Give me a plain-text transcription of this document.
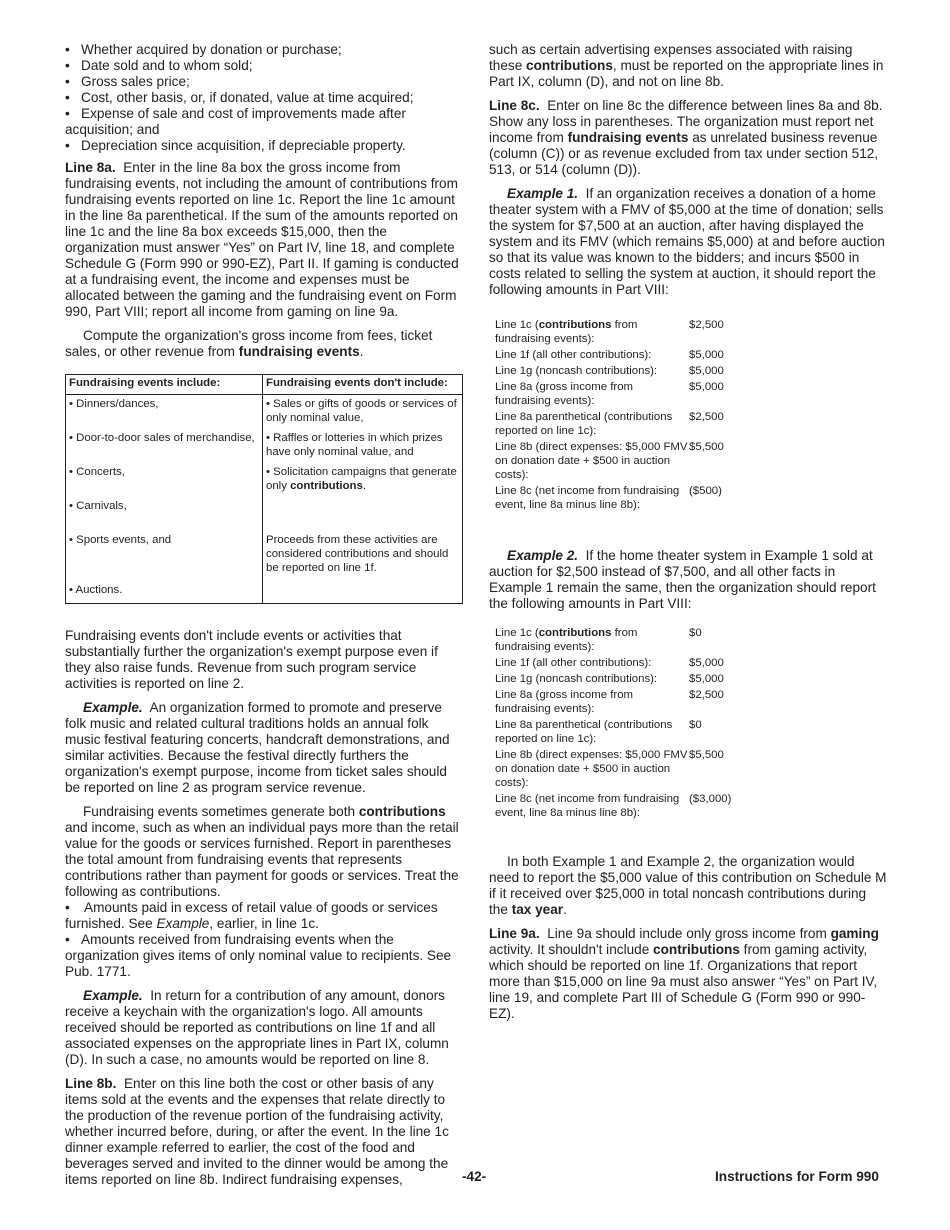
• Whether acquired by donation or purchase;

• Date sold and to whom sold;

• Gross sales price;

• Cost, other basis, or, if donated, value at time acquired;

• Expense of sale and cost of improvements made after acquisition; and

• Depreciation since acquisition, if depreciable property.

Line 8a. Enter in the line 8a box the gross income from fundraising events, not including the amount of contributions from fundraising events reported on line 1c. Report the line 1c amount in the line 8a parenthetical. If the sum of the amounts reported on line 1c and the line 8a box exceeds $15,000, then the organization must answer “Yes” on Part IV, line 18, and complete Schedule G (Form 990 or 990-EZ), Part II. If gaming is conducted at a fundraising event, the income and expenses must be allocated between the gaming and the fundraising event on Form 990, Part VIII; report all income from gaming on line 9a.

Compute the organization's gross income from fees, ticket sales, or other revenue from fundraising events.

Fundraising events include:	Fundraising events don't include:
• Dinners/dances,	• Sales or gifts of goods or services of only nominal value,
• Door-to-door sales of merchandise,	• Raffles or lotteries in which prizes have only nominal value, and
• Concerts,	• Solicitation campaigns that generate only contributions.
• Carnivals,	
• Sports events, and	Proceeds from these activities are considered contributions and should be reported on line 1f.
• Auctions.	

Fundraising events don't include events or activities that substantially further the organization's exempt purpose even if they also raise funds. Revenue from such program service activities is reported on line 2.

Example. An organization formed to promote and preserve folk music and related cultural traditions holds an annual folk music festival featuring concerts, handcraft demonstrations, and similar activities. Because the festival directly furthers the organization's exempt purpose, income from ticket sales should be reported on line 2 as program service revenue.

Fundraising events sometimes generate both contributions and income, such as when an individual pays more than the retail value for the goods or services furnished. Report in parentheses the total amount from fundraising events that represents contributions rather than payment for goods or services. Treat the following as contributions.

• Amounts paid in excess of retail value of goods or services furnished. See Example, earlier, in line 1c.

• Amounts received from fundraising events when the organization gives items of only nominal value to recipients. See Pub. 1771.

Example. In return for a contribution of any amount, donors receive a keychain with the organization's logo. All amounts received should be reported as contributions on line 1f and all associated expenses on the appropriate lines in Part IX, column (D). In such a case, no amounts would be reported on line 8.

Line 8b. Enter on this line both the cost or other basis of any items sold at the events and the expenses that relate directly to the production of the revenue portion of the fundraising activity, whether incurred before, during, or after the event. In the line 1c dinner example referred to earlier, the cost of the food and beverages served and invited to the dinner would be among the items reported on line 8b. Indirect fundraising expenses,

such as certain advertising expenses associated with raising these contributions, must be reported on the appropriate lines in Part IX, column (D), and not on line 8b.

Line 8c. Enter on line 8c the difference between lines 8a and 8b. Show any loss in parentheses. The organization must report net income from fundraising events as unrelated business revenue (column (C)) or as revenue excluded from tax under section 512, 513, or 514 (column (D)).

Example 1. If an organization receives a donation of a home theater system with a FMV of $5,000 at the time of donation; sells the system for $7,500 at an auction, after having displayed the system and its FMV (which remains $5,000) at and before auction so that its value was known to the bidders; and incurs $500 in costs related to selling the system at auction, it should report the following amounts in Part VIII:

Line 1c (contributions from fundraising events):	$2,500
Line 1f (all other contributions):	$5,000
Line 1g (noncash contributions):	$5,000
Line 8a (gross income from fundraising events):	$5,000
Line 8a parenthetical (contributions reported on line 1c):	$2,500
Line 8b (direct expenses: $5,000 FMV on donation date + $500 in auction costs):	$5,500
Line 8c (net income from fundraising event, line 8a minus line 8b):	($500)

Example 2. If the home theater system in Example 1 sold at auction for $2,500 instead of $7,500, and all other facts in Example 1 remain the same, then the organization should report the following amounts in Part VIII:

Line 1c (contributions from fundraising events):	$0
Line 1f (all other contributions):	$5,000
Line 1g (noncash contributions):	$5,000
Line 8a (gross income from fundraising events):	$2,500
Line 8a parenthetical (contributions reported on line 1c):	$0
Line 8b (direct expenses: $5,000 FMV on donation date + $500 in auction costs):	$5,500
Line 8c (net income from fundraising event, line 8a minus line 8b):	($3,000)

In both Example 1 and Example 2, the organization would need to report the $5,000 value of this contribution on Schedule M if it received over $25,000 in total noncash contributions during the tax year.

Line 9a. Line 9a should include only gross income from gaming activity. It shouldn't include contributions from gaming activity, which should be reported on line 1f. Organizations that report more than $15,000 on line 9a must also answer “Yes” on Part IV, line 19, and complete Part III of Schedule G (Form 990 or 990-EZ).

-42-	Instructions for Form 990
